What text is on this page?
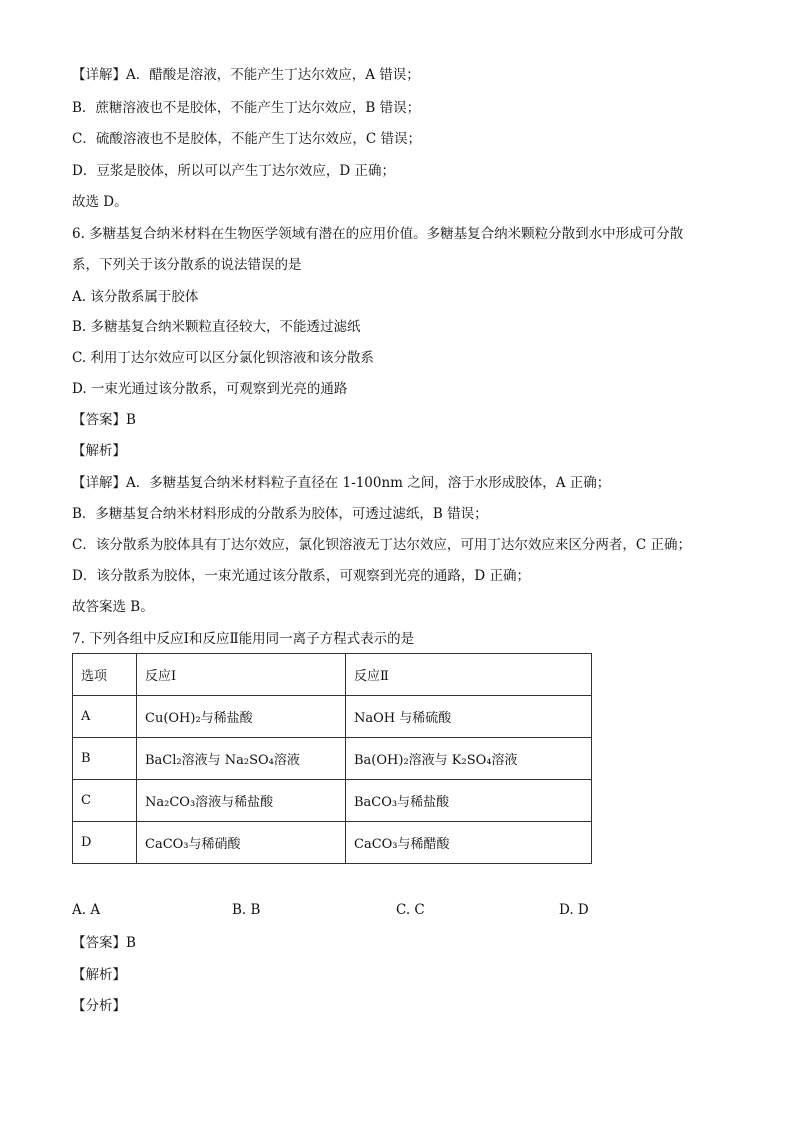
【详解】A．醋酸是溶液，不能产生丁达尔效应，A 错误；
B．蔗糖溶液也不是胶体，不能产生丁达尔效应，B 错误；
C．硫酸溶液也不是胶体，不能产生丁达尔效应，C 错误；
D．豆浆是胶体，所以可以产生丁达尔效应，D 正确；
故选 D。
6. 多糖基复合纳米材料在生物医学领域有潜在的应用价值。多糖基复合纳米颗粒分散到水中形成可分散
系，下列关于该分散系的说法错误的是
A. 该分散系属于胶体
B. 多糖基复合纳米颗粒直径较大，不能透过滤纸
C. 利用丁达尔效应可以区分氯化钡溶液和该分散系
D. 一束光通过该分散系，可观察到光亮的通路
【答案】B
【解析】
【详解】A．多糖基复合纳米材料粒子直径在 1-100nm 之间，溶于水形成胶体，A 正确；
B．多糖基复合纳米材料形成的分散系为胶体，可透过滤纸，B 错误；
C．该分散系为胶体具有丁达尔效应，氯化钡溶液无丁达尔效应，可用丁达尔效应来区分两者，C 正确；
D．该分散系为胶体，一束光通过该分散系，可观察到光亮的通路，D 正确；
故答案选 B。
7. 下列各组中反应Ⅰ和反应Ⅱ能用同一离子方程式表示的是
选项	反应Ⅰ	反应Ⅱ
A	Cu(OH)₂与稀盐酸	NaOH 与稀硫酸
B	BaCl₂溶液与 Na₂SO₄溶液	Ba(OH)₂溶液与 K₂SO₄溶液
C	Na₂CO₃溶液与稀盐酸	BaCO₃与稀盐酸
D	CaCO₃与稀硝酸	CaCO₃与稀醋酸
A. A	B. B	C. C	D. D
【答案】B
【解析】
【分析】
